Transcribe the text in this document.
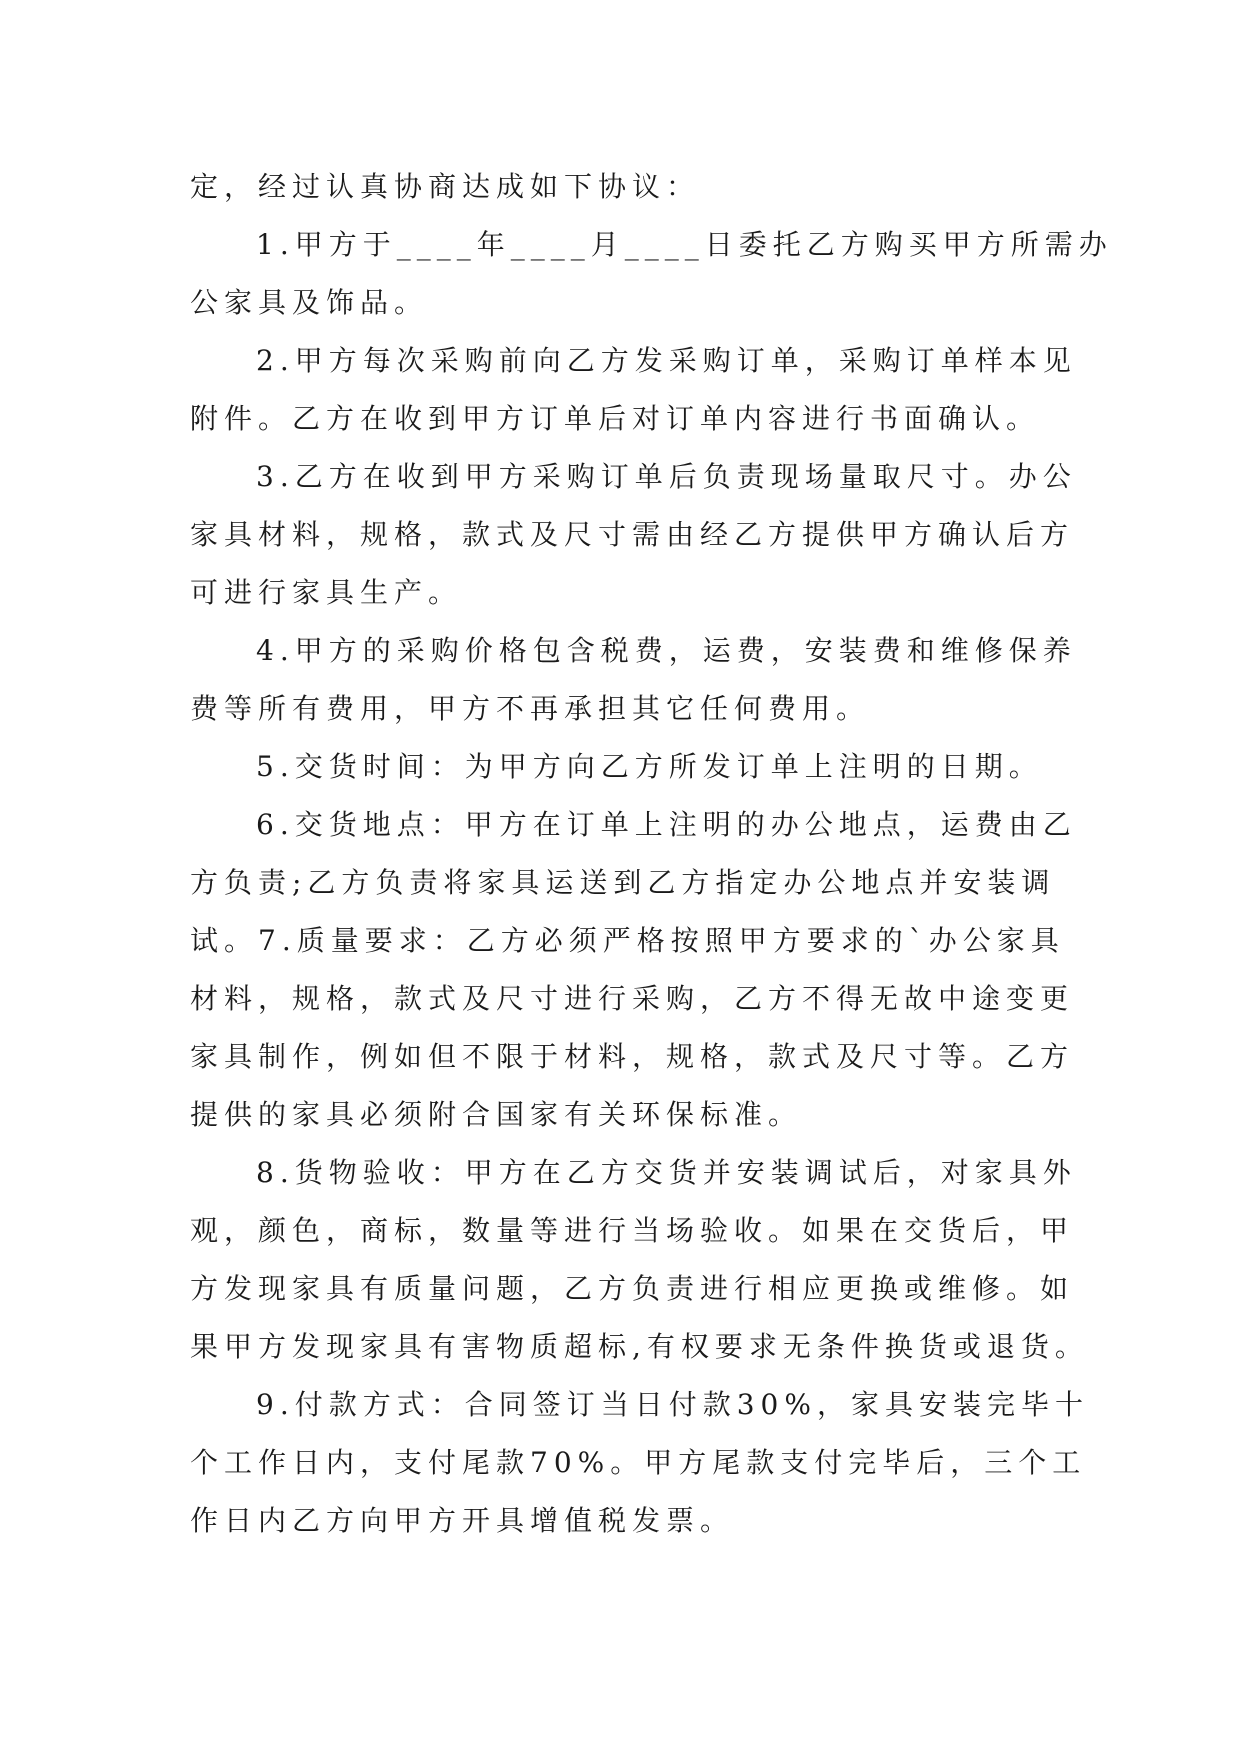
定，经过认真协商达成如下协议：
1.甲方于____年____月____日委托乙方购买甲方所需办
公家具及饰品。
2.甲方每次采购前向乙方发采购订单，采购订单样本见
附件。乙方在收到甲方订单后对订单内容进行书面确认。
3.乙方在收到甲方采购订单后负责现场量取尺寸。办公
家具材料，规格，款式及尺寸需由经乙方提供甲方确认后方
可进行家具生产。
4.甲方的采购价格包含税费，运费，安装费和维修保养
费等所有费用，甲方不再承担其它任何费用。
5.交货时间：为甲方向乙方所发订单上注明的日期。
6.交货地点：甲方在订单上注明的办公地点，运费由乙
方负责;乙方负责将家具运送到乙方指定办公地点并安装调
试。7.质量要求：乙方必须严格按照甲方要求的`办公家具
材料，规格，款式及尺寸进行采购，乙方不得无故中途变更
家具制作，例如但不限于材料，规格，款式及尺寸等。乙方
提供的家具必须附合国家有关环保标准。
8.货物验收：甲方在乙方交货并安装调试后，对家具外
观，颜色，商标，数量等进行当场验收。如果在交货后，甲
方发现家具有质量问题，乙方负责进行相应更换或维修。如
果甲方发现家具有害物质超标,有权要求无条件换货或退货。
9.付款方式：合同签订当日付款30%，家具安装完毕十
个工作日内，支付尾款70%。甲方尾款支付完毕后，三个工
作日内乙方向甲方开具增值税发票。
